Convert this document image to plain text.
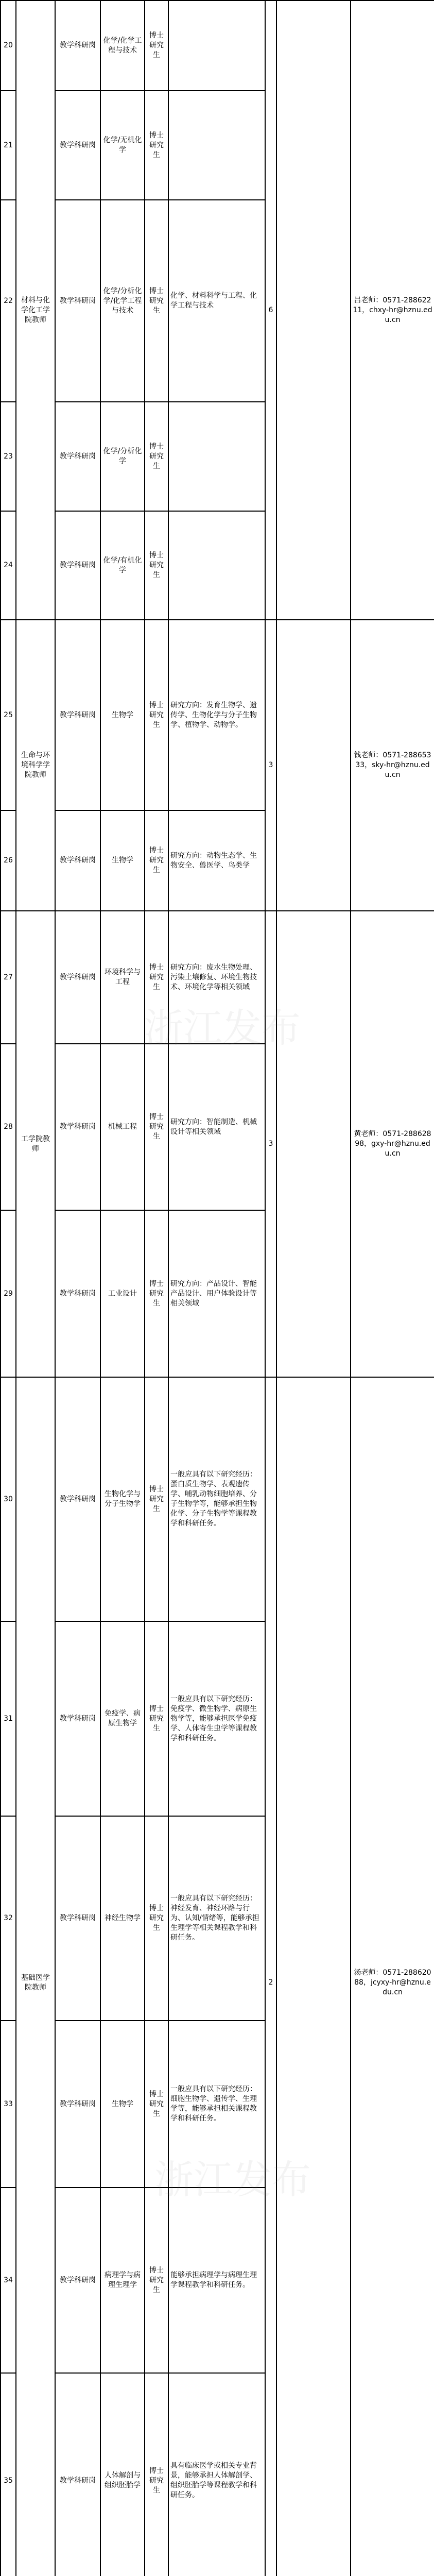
20	材料与化学化工学院教师	教学科研岗	化学/化学工程与技术	博士研究生		6		吕老师：0571-28862211，chxy-hr@hznu.edu.cn
21		教学科研岗	化学/无机化学	博士研究生				
22		教学科研岗	化学/分析化学/化学工程与技术	博士研究生	化学、材料科学与工程、化学工程与技术			
23		教学科研岗	化学/分析化学	博士研究生				
24		教学科研岗	化学/有机化学	博士研究生				
25	生命与环境科学学院教师	教学科研岗	生物学	博士研究生	研究方向：发育生物学、遗传学、生物化学与分子生物学、植物学、动物学。	3		钱老师：0571-28865333，sky-hr@hznu.edu.cn
26		教学科研岗	生物学	博士研究生	研究方向：动物生态学、生物安全、兽医学、鸟类学			
27	工学院教师	教学科研岗	环境科学与工程	博士研究生	研究方向：废水生物处理、污染土壤修复、环境生物技术、环境化学等相关领域	3		黄老师：0571-28862898，gxy-hr@hznu.edu.cn
28		教学科研岗	机械工程	博士研究生	研究方向：智能制造、机械设计等相关领域			
29		教学科研岗	工业设计	博士研究生	研究方向：产品设计、智能产品设计、用户体验设计等相关领域			
30	基础医学院教师	教学科研岗	生物化学与分子生物学	博士研究生	一般应具有以下研究经历：蛋白质生物学、表观遗传学、哺乳动物细胞培养、分子生物学等，能够承担生物化学、分子生物学等课程教学和科研任务。	2		汤老师：0571-28862088，jcyxy-hr@hznu.edu.cn
31		教学科研岗	免疫学、病原生物学	博士研究生	一般应具有以下研究经历：免疫学、微生物学、病原生物学等，能够承担医学免疫学、人体寄生虫学等课程教学和科研任务。			
32		教学科研岗	神经生物学	博士研究生	一般应具有以下研究经历：神经发育、神经环路与行为、认知/情绪等，能够承担生理学等相关课程教学和科研任务。			
33		教学科研岗	生物学	博士研究生	一般应具有以下研究经历：细胞生物学、遗传学、生理学等，能够承担相关课程教学和科研任务。			
34		教学科研岗	病理学与病理生理学	博士研究生	能够承担病理学与病理生理学课程教学和科研任务。			
35		教学科研岗	人体解剖与组织胚胎学	博士研究生	具有临床医学或相关专业背景，能够承担人体解剖学、组织胚胎学等课程教学和科研任务。			

浙江发布
浙江发布
